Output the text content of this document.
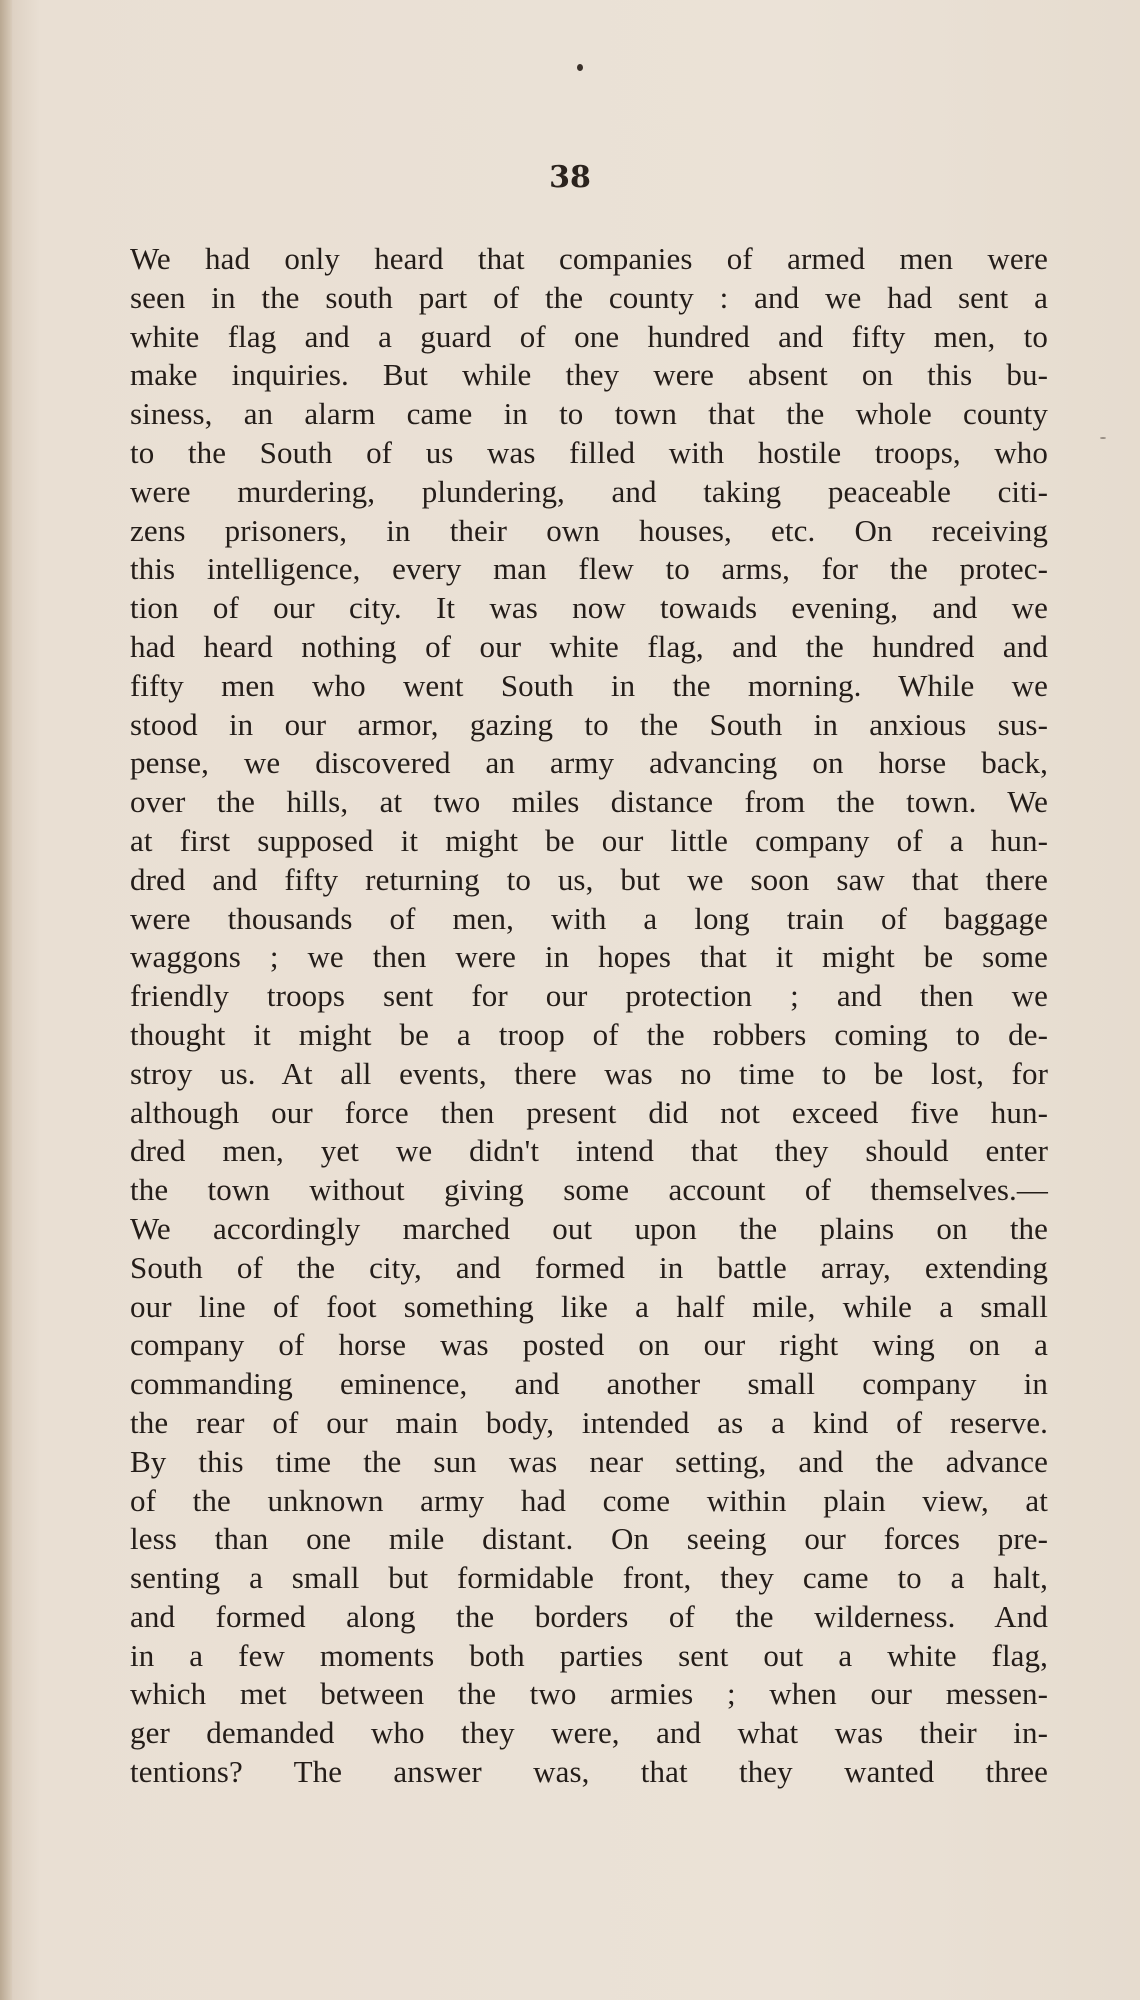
38
We had only heard that companies of armed men were
seen in the south part of the county : and we had sent a
white flag and a guard of one hundred and fifty men, to
make inquiries. But while they were absent on this bu-
siness, an alarm came in to town that the whole county
to the South of us was filled with hostile troops, who
were murdering, plundering, and taking peaceable citi-
zens prisoners, in their own houses, etc. On receiving
this intelligence, every man flew to arms, for the protec-
tion of our city. It was now towaıds evening, and we
had heard nothing of our white flag, and the hundred and
fifty men who went South in the morning. While we
stood in our armor, gazing to the South in anxious sus-
pense, we discovered an army advancing on horse back,
over the hills, at two miles distance from the town. We
at first supposed it might be our little company of a hun-
dred and fifty returning to us, but we soon saw that there
were thousands of men, with a long train of baggage
waggons ; we then were in hopes that it might be some
friendly troops sent for our protection ; and then we
thought it might be a troop of the robbers coming to de-
stroy us. At all events, there was no time to be lost, for
although our force then present did not exceed five hun-
dred men, yet we didn't intend that they should enter
the town without giving some account of themselves.—
We accordingly marched out upon the plains on the
South of the city, and formed in battle array, extending
our line of foot something like a half mile, while a small
company of horse was posted on our right wing on a
commanding eminence, and another small company in
the rear of our main body, intended as a kind of reserve.
By this time the sun was near setting, and the advance
of the unknown army had come within plain view, at
less than one mile distant. On seeing our forces pre-
senting a small but formidable front, they came to a halt,
and formed along the borders of the wilderness. And
in a few moments both parties sent out a white flag,
which met between the two armies ; when our messen-
ger demanded who they were, and what was their in-
tentions? The answer was, that they wanted three
